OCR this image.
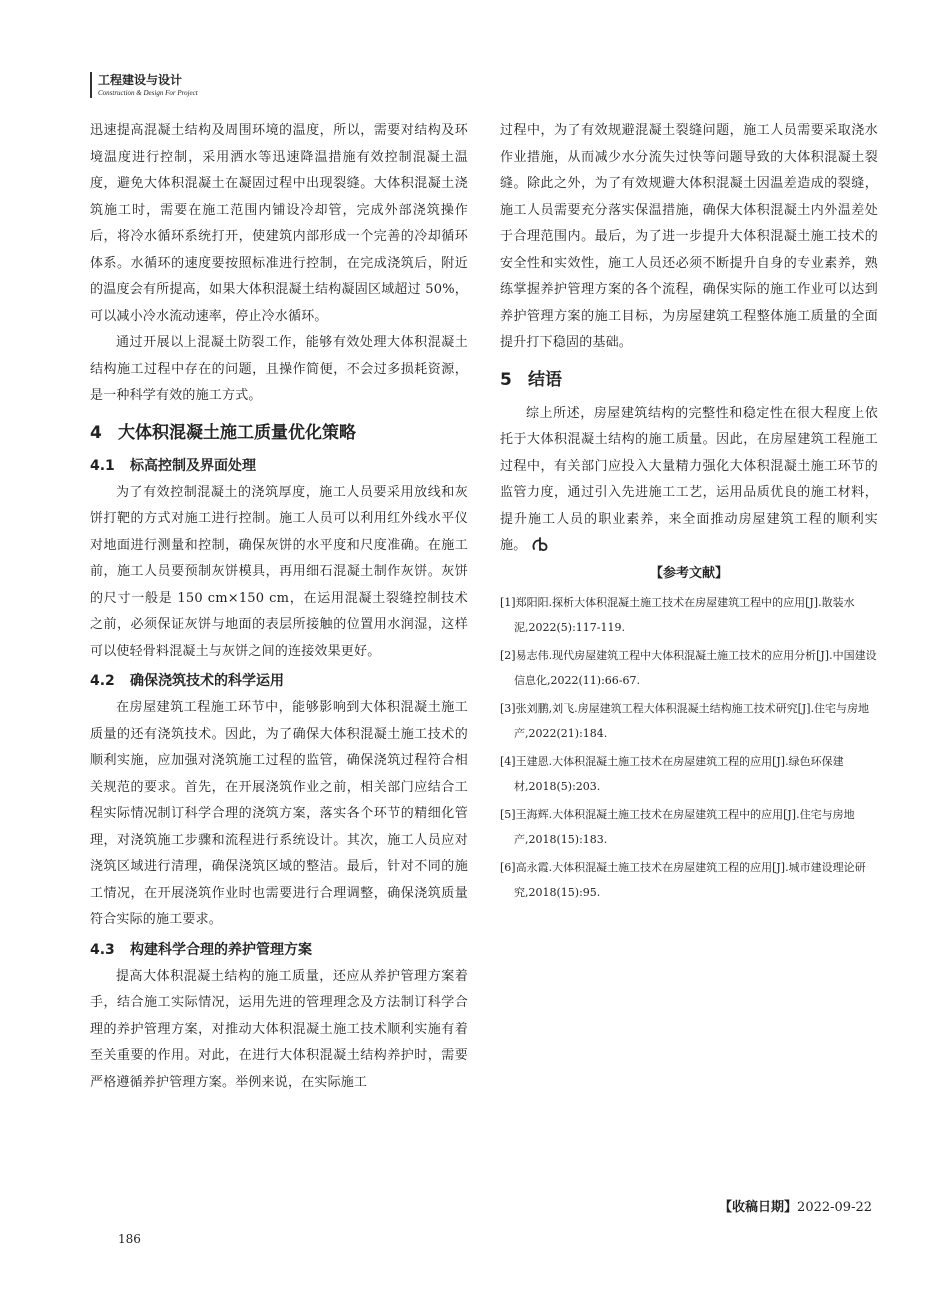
工程建设与设计
Construction & Design For Project

迅速提高混凝土结构及周围环境的温度，所以，需要对结构及环境温度进行控制，采用洒水等迅速降温措施有效控制混凝土温度，避免大体积混凝土在凝固过程中出现裂缝。大体积混凝土浇筑施工时，需要在施工范围内铺设冷却管，完成外部浇筑操作后，将冷水循环系统打开，使建筑内部形成一个完善的冷却循环体系。水循环的速度要按照标准进行控制，在完成浇筑后，附近的温度会有所提高，如果大体积混凝土结构凝固区域超过 50%，可以减小冷水流动速率，停止冷水循环。

通过开展以上混凝土防裂工作，能够有效处理大体积混凝土结构施工过程中存在的问题，且操作简便，不会过多损耗资源，是一种科学有效的施工方式。

4 大体积混凝土施工质量优化策略
4.1 标高控制及界面处理

为了有效控制混凝土的浇筑厚度，施工人员要采用放线和灰饼打靶的方式对施工进行控制。施工人员可以利用红外线水平仪对地面进行测量和控制，确保灰饼的水平度和尺度准确。在施工前，施工人员要预制灰饼模具，再用细石混凝土制作灰饼。灰饼的尺寸一般是 150 cm×150 cm，在运用混凝土裂缝控制技术之前，必须保证灰饼与地面的表层所接触的位置用水润湿，这样可以使轻骨料混凝土与灰饼之间的连接效果更好。

4.2 确保浇筑技术的科学运用

在房屋建筑工程施工环节中，能够影响到大体积混凝土施工质量的还有浇筑技术。因此，为了确保大体积混凝土施工技术的顺利实施，应加强对浇筑施工过程的监管，确保浇筑过程符合相关规范的要求。首先，在开展浇筑作业之前，相关部门应结合工程实际情况制订科学合理的浇筑方案，落实各个环节的精细化管理，对浇筑施工步骤和流程进行系统设计。其次，施工人员应对浇筑区域进行清理，确保浇筑区域的整洁。最后，针对不同的施工情况，在开展浇筑作业时也需要进行合理调整，确保浇筑质量符合实际的施工要求。

4.3 构建科学合理的养护管理方案

提高大体积混凝土结构的施工质量，还应从养护管理方案着手，结合施工实际情况，运用先进的管理理念及方法制订科学合理的养护管理方案，对推动大体积混凝土施工技术顺利实施有着至关重要的作用。对此，在进行大体积混凝土结构养护时，需要严格遵循养护管理方案。举例来说，在实际施工

过程中，为了有效规避混凝土裂缝问题，施工人员需要采取浇水作业措施，从而减少水分流失过快等问题导致的大体积混凝土裂缝。除此之外，为了有效规避大体积混凝土因温差造成的裂缝，施工人员需要充分落实保温措施，确保大体积混凝土内外温差处于合理范围内。最后，为了进一步提升大体积混凝土施工技术的安全性和实效性，施工人员还必须不断提升自身的专业素养，熟练掌握养护管理方案的各个流程，确保实际的施工作业可以达到养护管理方案的施工目标，为房屋建筑工程整体施工质量的全面提升打下稳固的基础。

5 结语

综上所述，房屋建筑结构的完整性和稳定性在很大程度上依托于大体积混凝土结构的施工质量。因此，在房屋建筑工程施工过程中，有关部门应投入大量精力强化大体积混凝土施工环节的监管力度，通过引入先进施工工艺，运用品质优良的施工材料，提升施工人员的职业素养，来全面推动房屋建筑工程的顺利实施。

【参考文献】
[1]郑阳阳.探析大体积混凝土施工技术在房屋建筑工程中的应用[J].散装水泥,2022(5):117-119.
[2]易志伟.现代房屋建筑工程中大体积混凝土施工技术的应用分析[J].中国建设信息化,2022(11):66-67.
[3]张刘鹏,刘飞.房屋建筑工程大体积混凝土结构施工技术研究[J].住宅与房地产,2022(21):184.
[4]王建恩.大体积混凝土施工技术在房屋建筑工程的应用[J].绿色环保建材,2018(5):203.
[5]王海辉.大体积混凝土施工技术在房屋建筑工程中的应用[J].住宅与房地产,2018(15):183.
[6]高永霞.大体积混凝土施工技术在房屋建筑工程的应用[J].城市建设理论研究,2018(15):95.
【收稿日期】2022-09-22
186
